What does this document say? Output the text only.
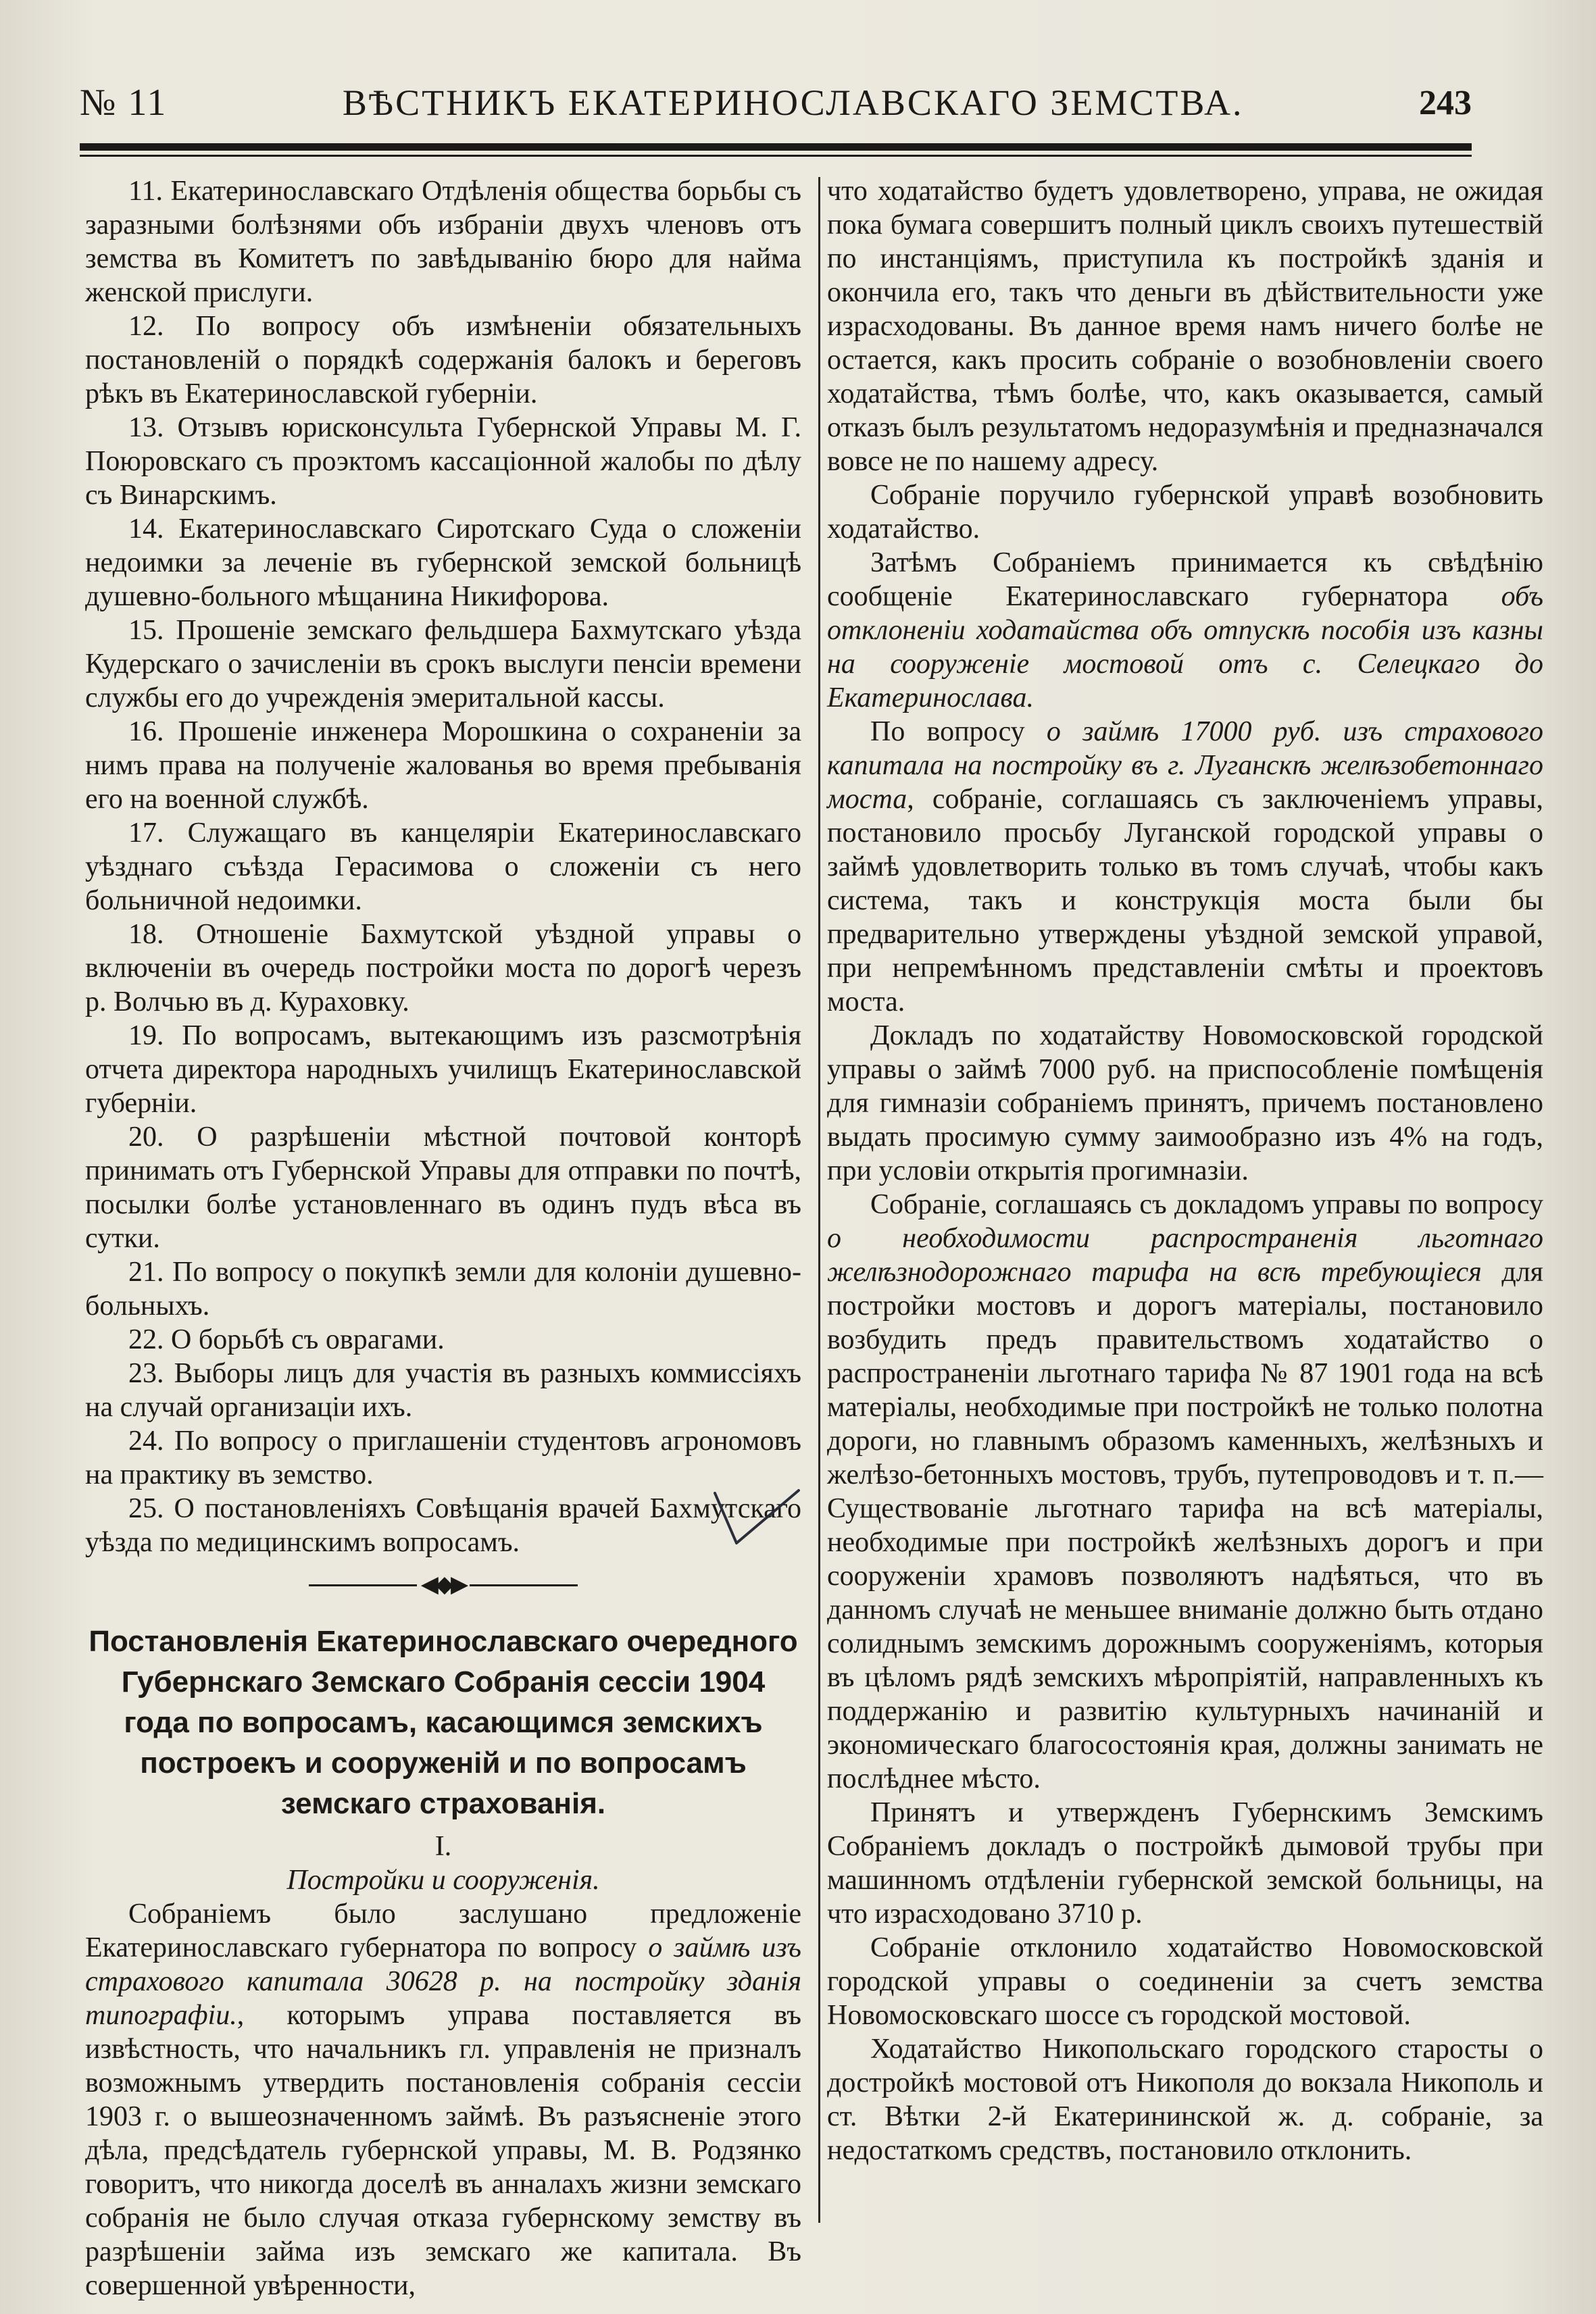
№ 11	ВѢСТНИКЪ ЕКАТЕРИНОСЛАВСКАГО ЗЕМСТВА.	243

11. Екатеринославскаго Отдѣленія общества борьбы съ заразными болѣзнями объ избраніи двухъ членовъ отъ земства въ Комитетъ по завѣдыванію бюро для найма женской прислуги.

12. По вопросу объ измѣненіи обязательныхъ постановленій о порядкѣ содержанія балокъ и береговъ рѣкъ въ Екатеринославской губерніи.

13. Отзывъ юрисконсульта Губернской Управы М. Г. Поюровскаго съ проэктомъ кассаціонной жалобы по дѣлу съ Винарскимъ.

14. Екатеринославскаго Сиротскаго Суда о сложеніи недоимки за леченіе въ губернской земской больницѣ душевно-больного мѣщанина Никифорова.

15. Прошеніе земскаго фельдшера Бахмутскаго уѣзда Кудерскаго о зачисленіи въ срокъ выслуги пенсіи времени службы его до учрежденія эмеритальной кассы.

16. Прошеніе инженера Морошкина о сохраненіи за нимъ права на полученіе жалованья во время пребыванія его на военной службѣ.

17. Служащаго въ канцеляріи Екатеринославскаго уѣзднаго съѣзда Герасимова о сложеніи съ него больничной недоимки.

18. Отношеніе Бахмутской уѣздной управы о включеніи въ очередь постройки моста по дорогѣ черезъ р. Волчью въ д. Кураховку.

19. По вопросамъ, вытекающимъ изъ разсмотрѣнія отчета директора народныхъ училищъ Екатеринославской губерніи.

20. О разрѣшеніи мѣстной почтовой конторѣ принимать отъ Губернской Управы для отправки по почтѣ, посылки болѣе установленнаго въ одинъ пудъ вѣса въ сутки.

21. По вопросу о покупкѣ земли для колоніи душевно-больныхъ.

22. О борьбѣ съ оврагами.

23. Выборы лицъ для участія въ разныхъ коммиссіяхъ на случай организаціи ихъ.

24. По вопросу о приглашеніи студентовъ агрономовъ на практику въ земство.

25. О постановленіяхъ Совѣщанія врачей Бахмутскаго уѣзда по медицинскимъ вопросамъ.

◀◆▶
Постановленія Екатеринославскаго очередного Губернскаго Земскаго Собранія сессіи 1904 года по вопросамъ, касающимся земскихъ построекъ и сооруженій и по вопросамъ земскаго страхованія.
I.
Постройки и сооруженія.

Собраніемъ было заслушано предложеніе Екатеринославскаго губернатора по вопросу о займѣ изъ страхового капитала 30628 р. на постройку зданія типографіи., которымъ управа поставляется въ извѣстность, что начальникъ гл. управленія не призналъ возможнымъ утвердить постановленія собранія сессіи 1903 г. о вышеозначенномъ займѣ. Въ разъясненіе этого дѣла, предсѣдатель губернской управы, М. В. Родзянко говоритъ, что никогда доселѣ въ анналахъ жизни земскаго собранія не было случая отказа губернскому земству въ разрѣшеніи займа изъ земскаго же капитала. Въ совершенной увѣренности,

что ходатайство будетъ удовлетворено, управа, не ожидая пока бумага совершитъ полный циклъ своихъ путешествій по инстанціямъ, приступила къ постройкѣ зданія и окончила его, такъ что деньги въ дѣйствительности уже израсходованы. Въ данное время намъ ничего болѣе не остается, какъ просить собраніе о возобновленіи своего ходатайства, тѣмъ болѣе, что, какъ оказывается, самый отказъ былъ результатомъ недоразумѣнія и предназначался вовсе не по нашему адресу.

Собраніе поручило губернской управѣ возобновить ходатайство.

Затѣмъ Собраніемъ принимается къ свѣдѣнію сообщеніе Екатеринославскаго губернатора объ отклоненіи ходатайства объ отпускѣ пособія изъ казны на сооруженіе мостовой отъ с. Селецкаго до Екатеринослава.

По вопросу о займѣ 17000 руб. изъ страхового капитала на постройку въ г. Луганскѣ желѣзобетоннаго моста, собраніе, соглашаясь съ заключеніемъ управы, постановило просьбу Луганской городской управы о займѣ удовлетворить только въ томъ случаѣ, чтобы какъ система, такъ и конструкція моста были бы предварительно утверждены уѣздной земской управой, при непремѣнномъ представленіи смѣты и проектовъ моста.

Докладъ по ходатайству Новомосковской городской управы о займѣ 7000 руб. на приспособленіе помѣщенія для гимназіи собраніемъ принятъ, причемъ постановлено выдать просимую сумму заимообразно изъ 4% на годъ, при условіи открытія прогимназіи.

Собраніе, соглашаясь съ докладомъ управы по вопросу о необходимости распространенія льготнаго желѣзнодорожнаго тарифа на всѣ требующіеся для постройки мостовъ и дорогъ матеріалы, постановило возбудить предъ правительствомъ ходатайство о распространеніи льготнаго тарифа № 87 1901 года на всѣ матеріалы, необходимые при постройкѣ не только полотна дороги, но главнымъ образомъ каменныхъ, желѣзныхъ и желѣзо-бетонныхъ мостовъ, трубъ, путепроводовъ и т. п.—Существованіе льготнаго тарифа на всѣ матеріалы, необходимые при постройкѣ желѣзныхъ дорогъ и при сооруженіи храмовъ позволяютъ надѣяться, что въ данномъ случаѣ не меньшее вниманіе должно быть отдано солиднымъ земскимъ дорожнымъ сооруженіямъ, которыя въ цѣломъ рядѣ земскихъ мѣропріятій, направленныхъ къ поддержанію и развитію культурныхъ начинаній и экономическаго благосостоянія края, должны занимать не послѣднее мѣсто.

Принятъ и утвержденъ Губернскимъ Земскимъ Собраніемъ докладъ о постройкѣ дымовой трубы при машинномъ отдѣленіи губернской земской больницы, на что израсходовано 3710 р.

Собраніе отклонило ходатайство Новомосковской городской управы о соединеніи за счетъ земства Новомосковскаго шоссе съ городской мостовой.

Ходатайство Никопольскаго городского старосты о достройкѣ мостовой отъ Никополя до вокзала Никополь и ст. Вѣтки 2-й Екатерининской ж. д. собраніе, за недостаткомъ средствъ, постановило отклонить.
